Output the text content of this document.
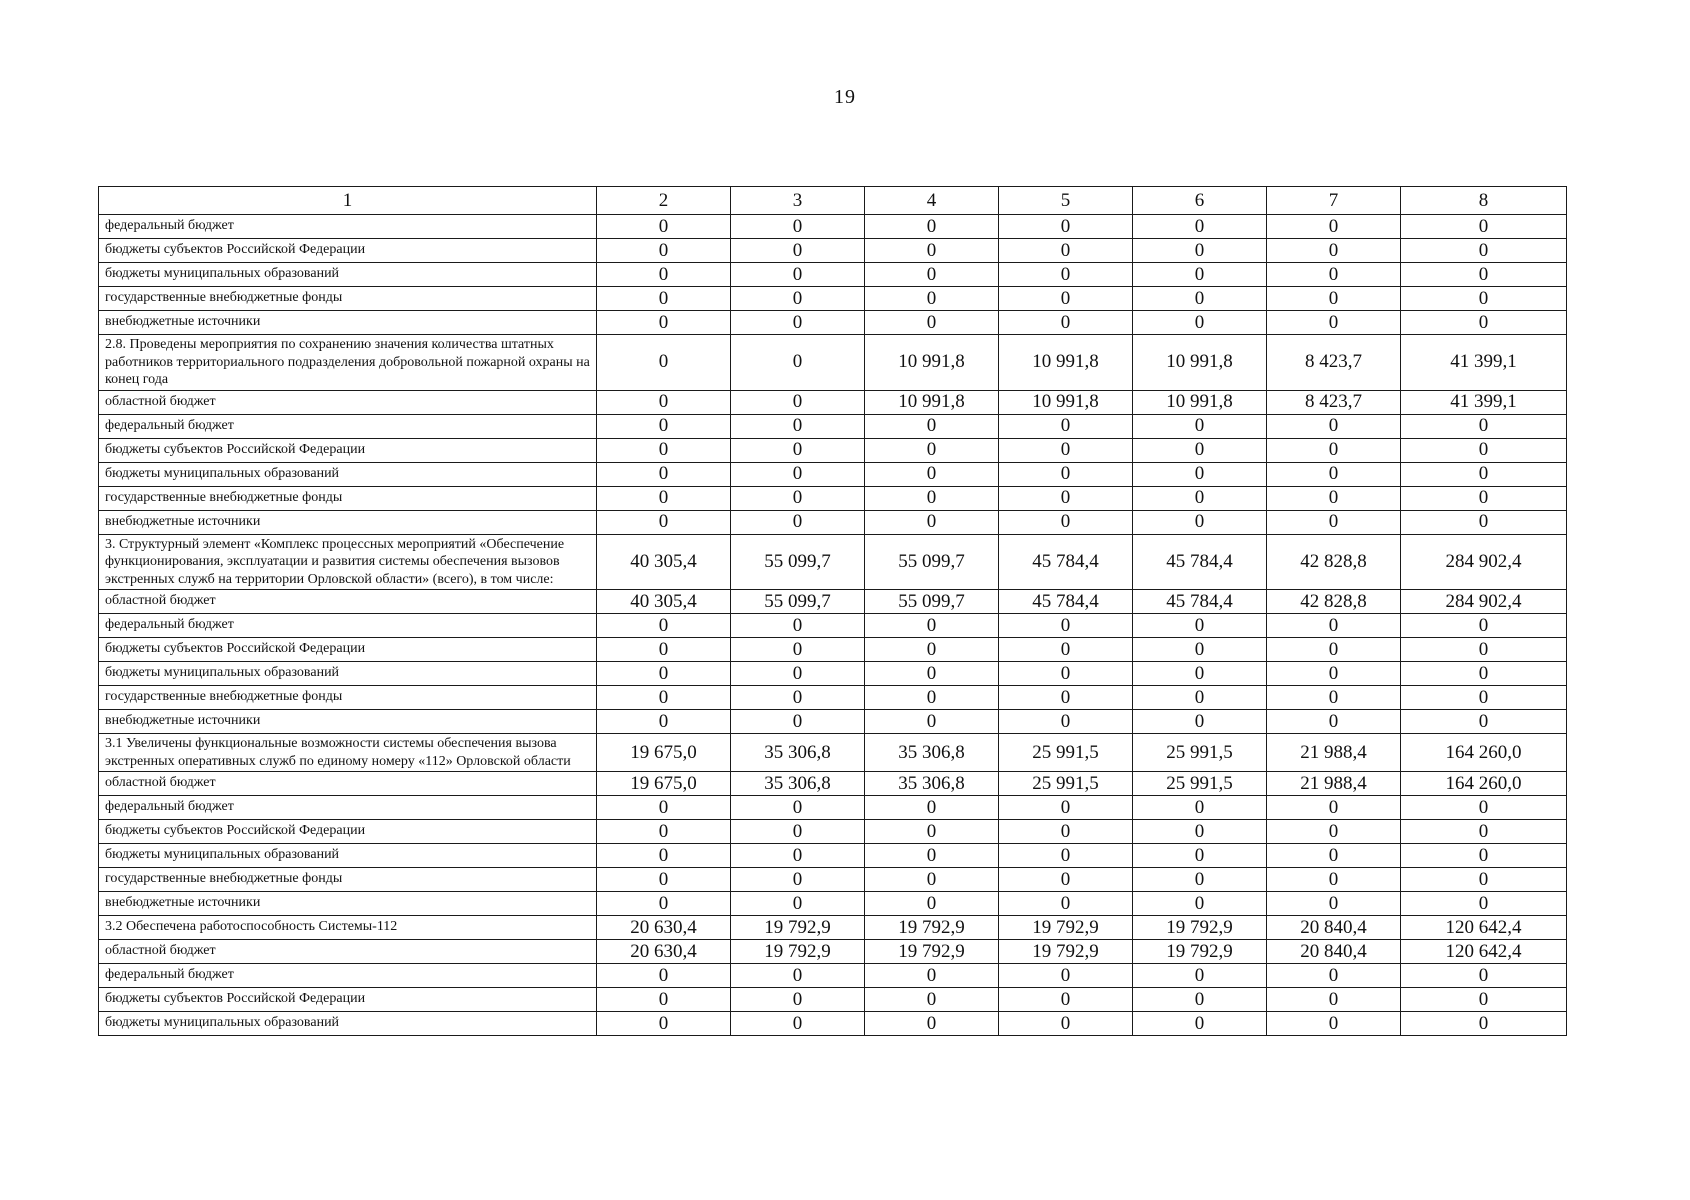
19
1	2	3	4	5	6	7	8
федеральный бюджет	0	0	0	0	0	0	0
бюджеты субъектов Российской Федерации	0	0	0	0	0	0	0
бюджеты муниципальных образований	0	0	0	0	0	0	0
государственные внебюджетные фонды	0	0	0	0	0	0	0
внебюджетные источники	0	0	0	0	0	0	0
2.8. Проведены мероприятия по сохранению значения количества штатных работников территориального подразделения добровольной пожарной охраны на конец года	0	0	10 991,8	10 991,8	10 991,8	8 423,7	41 399,1
областной бюджет	0	0	10 991,8	10 991,8	10 991,8	8 423,7	41 399,1
федеральный бюджет	0	0	0	0	0	0	0
бюджеты субъектов Российской Федерации	0	0	0	0	0	0	0
бюджеты муниципальных образований	0	0	0	0	0	0	0
государственные внебюджетные фонды	0	0	0	0	0	0	0
внебюджетные источники	0	0	0	0	0	0	0
3. Структурный элемент «Комплекс процессных мероприятий «Обеспечение функционирования, эксплуатации и развития системы обеспечения вызовов экстренных служб на территории Орловской области» (всего), в том числе:	40 305,4	55 099,7	55 099,7	45 784,4	45 784,4	42 828,8	284 902,4
областной бюджет	40 305,4	55 099,7	55 099,7	45 784,4	45 784,4	42 828,8	284 902,4
федеральный бюджет	0	0	0	0	0	0	0
бюджеты субъектов Российской Федерации	0	0	0	0	0	0	0
бюджеты муниципальных образований	0	0	0	0	0	0	0
государственные внебюджетные фонды	0	0	0	0	0	0	0
внебюджетные источники	0	0	0	0	0	0	0
3.1 Увеличены функциональные возможности системы обеспечения вызова экстренных оперативных служб по единому номеру «112» Орловской области	19 675,0	35 306,8	35 306,8	25 991,5	25 991,5	21 988,4	164 260,0
областной бюджет	19 675,0	35 306,8	35 306,8	25 991,5	25 991,5	21 988,4	164 260,0
федеральный бюджет	0	0	0	0	0	0	0
бюджеты субъектов Российской Федерации	0	0	0	0	0	0	0
бюджеты муниципальных образований	0	0	0	0	0	0	0
государственные внебюджетные фонды	0	0	0	0	0	0	0
внебюджетные источники	0	0	0	0	0	0	0
3.2 Обеспечена работоспособность Системы-112	20 630,4	19 792,9	19 792,9	19 792,9	19 792,9	20 840,4	120 642,4
областной бюджет	20 630,4	19 792,9	19 792,9	19 792,9	19 792,9	20 840,4	120 642,4
федеральный бюджет	0	0	0	0	0	0	0
бюджеты субъектов Российской Федерации	0	0	0	0	0	0	0
бюджеты муниципальных образований	0	0	0	0	0	0	0
